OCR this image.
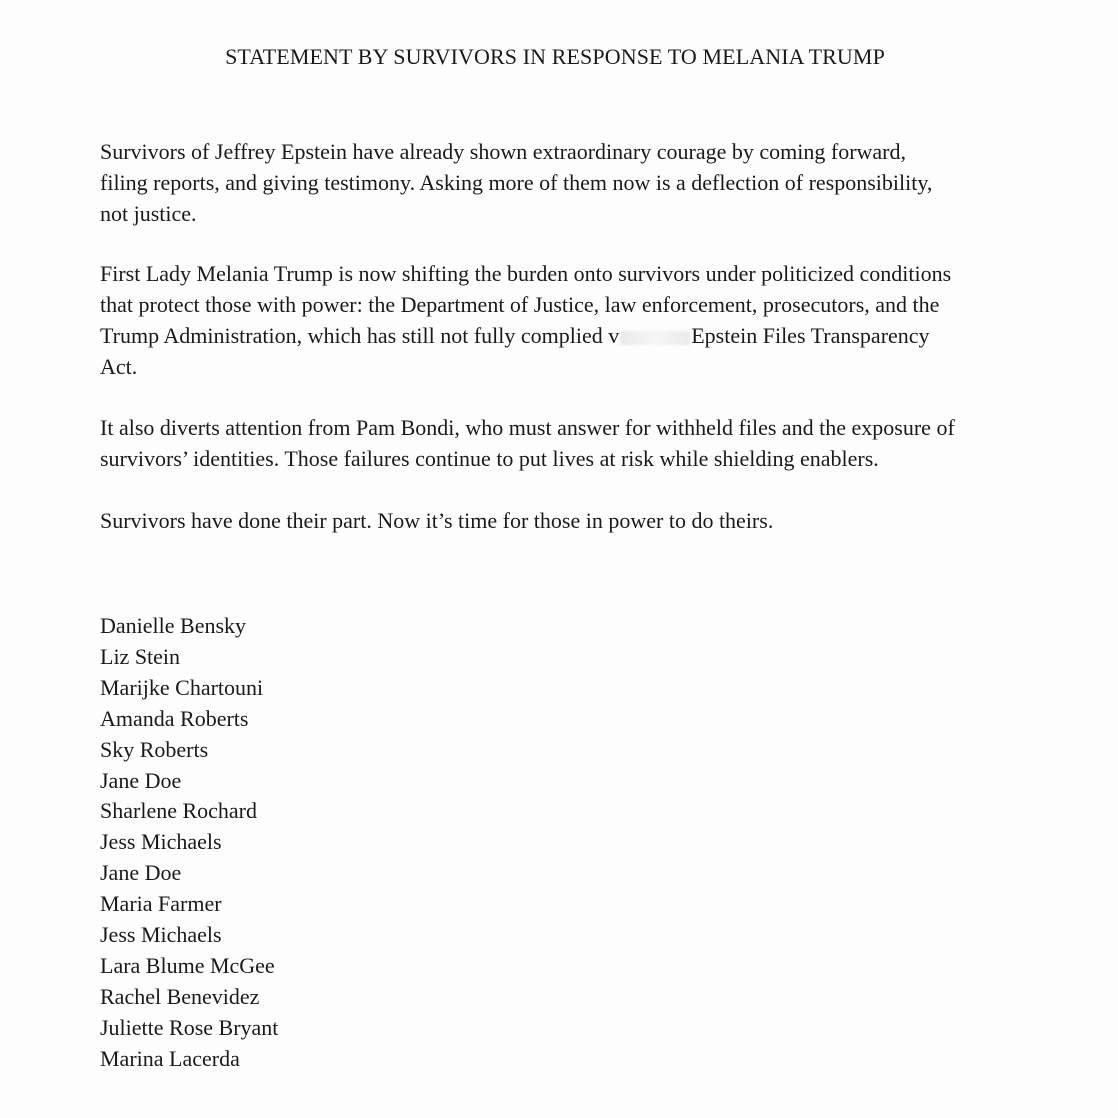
STATEMENT BY SURVIVORS IN RESPONSE TO MELANIA TRUMP
Survivors of Jeffrey Epstein have already shown extraordinary courage by coming forward,
filing reports, and giving testimony. Asking more of them now is a deflection of responsibility,
not justice.
First Lady Melania Trump is now shifting the burden onto survivors under politicized conditions
that protect those with power: the Department of Justice, law enforcement, prosecutors, and the
Trump Administration, which has still not fully complied v	Epstein Files Transparency
Act.
It also diverts attention from Pam Bondi, who must answer for withheld files and the exposure of
survivors’ identities. Those failures continue to put lives at risk while shielding enablers.
Survivors have done their part. Now it’s time for those in power to do theirs.
Danielle Bensky
Liz Stein
Marijke Chartouni
Amanda Roberts
Sky Roberts
Jane Doe
Sharlene Rochard
Jess Michaels
Jane Doe
Maria Farmer
Jess Michaels
Lara Blume McGee
Rachel Benevidez
Juliette Rose Bryant
Marina Lacerda
